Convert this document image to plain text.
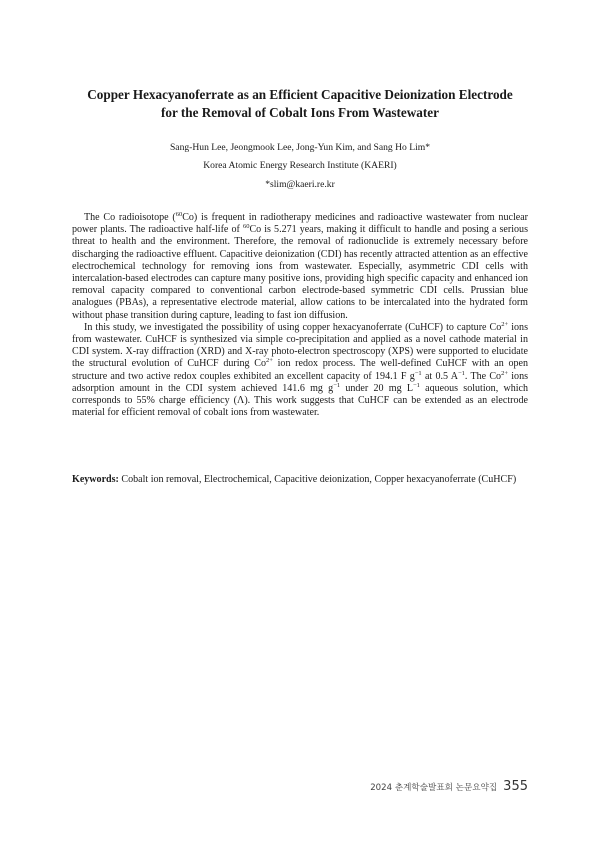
Copper Hexacyanoferrate as an Efficient Capacitive Deionization Electrode
for the Removal of Cobalt Ions From Wastewater
Sang-Hun Lee, Jeongmook Lee, Jong-Yun Kim, and Sang Ho Lim*
Korea Atomic Energy Research Institute (KAERI)
*slim@kaeri.re.kr

The Co radioisotope ($^{60}$Co) is frequent in radiotherapy medicines and radioactive wastewater from nuclear power plants. The radioactive half-life of $^{60}$Co is 5.271 years, making it difficult to handle and posing a serious threat to health and the environment. Therefore, the removal of radionuclide is extremely necessary before discharging the radioactive effluent. Capacitive deionization (CDI) has recently attracted attention as an effective electrochemical technology for removing ions from wastewater. Especially, asymmetric CDI cells with intercalation-based electrodes can capture many positive ions, providing high specific capacity and enhanced ion removal capacity compared to conventional carbon electrode-based symmetric CDI cells. Prussian blue analogues (PBAs), a representative electrode material, allow cations to be intercalated into the hydrated form without phase transition during capture, leading to fast ion diffusion.

In this study, we investigated the possibility of using copper hexacyanoferrate (CuHCF) to capture $Co^{2+}$ ions from wastewater. CuHCF is synthesized via simple co-precipitation and applied as a novel cathode material in CDI system. X-ray diffraction (XRD) and X-ray photo-electron spectroscopy (XPS) were supported to elucidate the structural evolution of CuHCF during $Co^{2+}$ ion redox process. The well-defined CuHCF with an open structure and two active redox couples exhibited an excellent capacity of 194.1 F $g^{-1}$ at 0.5 $A^{-1}$. The $Co^{2+}$ ions adsorption amount in the CDI system achieved 141.6 mg $g^{-1}$ under 20 mg $L^{-1}$ aqueous solution, which corresponds to 55% charge efficiency (Λ). This work suggests that CuHCF can be extended as an electrode material for efficient removal of cobalt ions from wastewater.

Keywords: Cobalt ion removal, Electrochemical, Capacitive deionization, Copper hexacyanoferrate (CuHCF)
2024 춘계학술발표회 논문요약집 355
